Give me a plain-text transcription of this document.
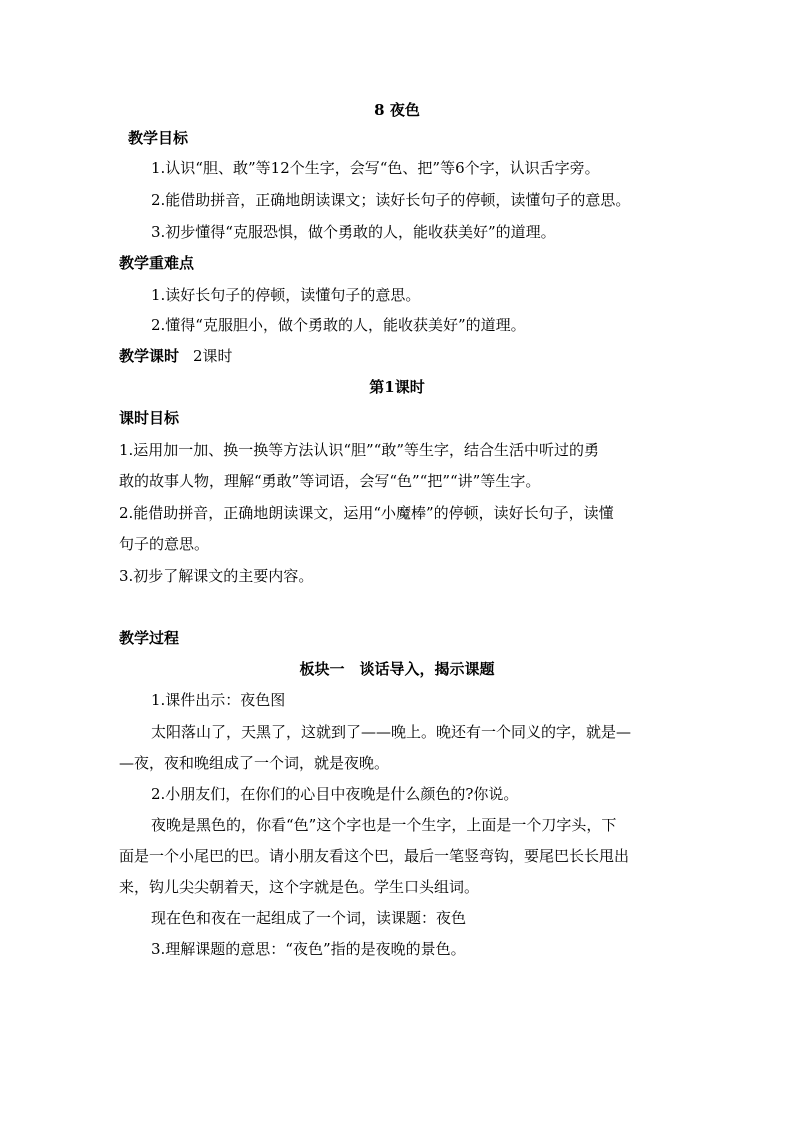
8 夜色
教学目标
1.认识“胆、敢”等12个生字，会写“色、把”等6个字，认识舌字旁。
2.能借助拼音，正确地朗读课文；读好长句子的停顿，读懂句子的意思。
3.初步懂得“克服恐惧，做个勇敢的人，能收获美好”的道理。
教学重难点
1.读好长句子的停顿，读懂句子的意思。
2.懂得“克服胆小，做个勇敢的人，能收获美好”的道理。
教学课时 2课时
第1课时
课时目标
1.运用加一加、换一换等方法认识“胆”“敢”等生字，结合生活中听过的勇
敢的故事人物，理解“勇敢”等词语，会写“色”“把”“讲”等生字。
2.能借助拼音，正确地朗读课文，运用“小魔棒”的停顿，读好长句子，读懂
句子的意思。
3.初步了解课文的主要内容。
教学过程
板块一　谈话导入，揭示课题
1.课件出示：夜色图
太阳落山了，天黑了，这就到了——晚上。晚还有一个同义的字，就是—
—夜，夜和晚组成了一个词，就是夜晚。
2.小朋友们，在你们的心目中夜晚是什么颜色的?你说。
夜晚是黑色的，你看“色”这个字也是一个生字，上面是一个刀字头，下
面是一个小尾巴的巴。请小朋友看这个巴，最后一笔竖弯钩，要尾巴长长甩出
来，钩儿尖尖朝着天，这个字就是色。学生口头组词。
现在色和夜在一起组成了一个词，读课题：夜色
3.理解课题的意思：“夜色”指的是夜晚的景色。
